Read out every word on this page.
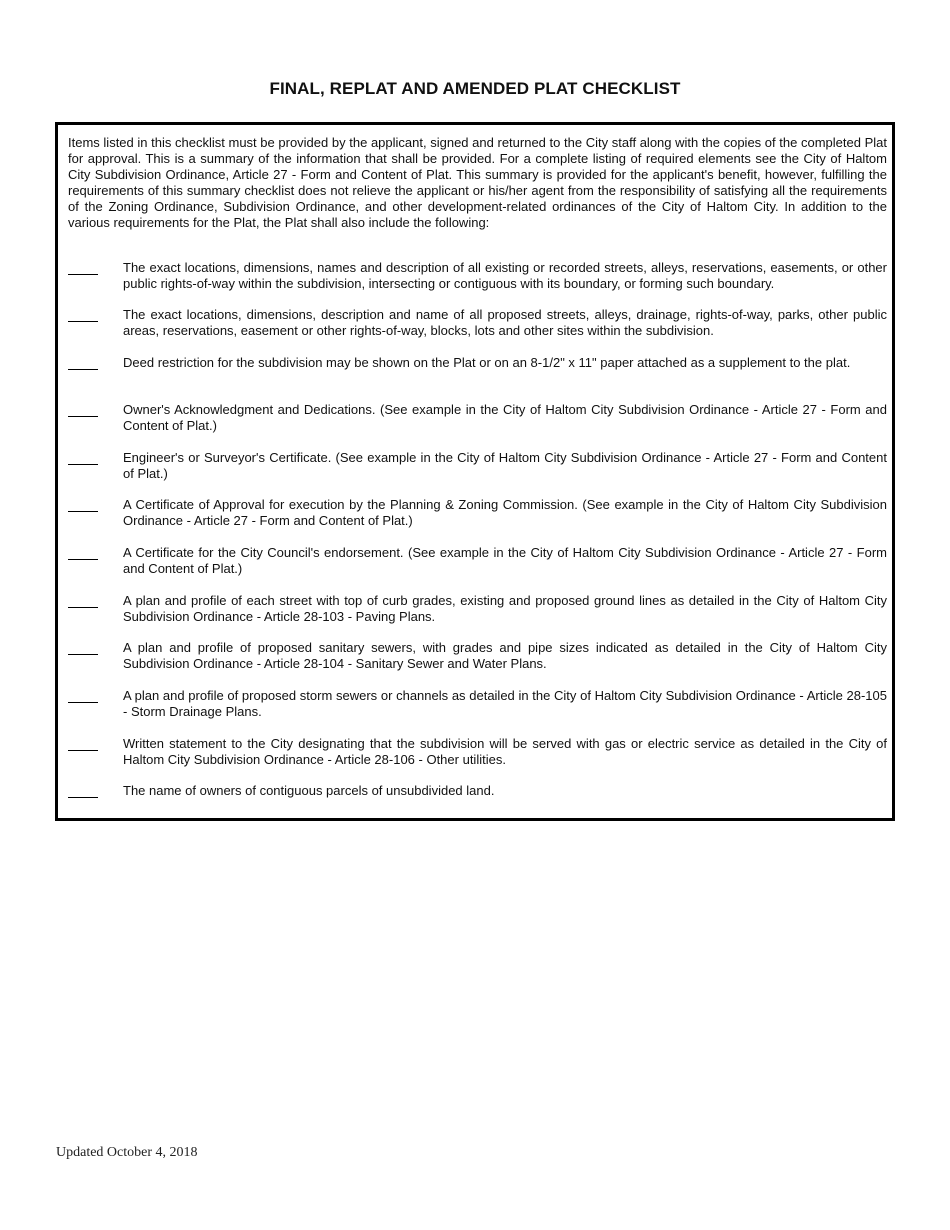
FINAL, REPLAT AND AMENDED PLAT CHECKLIST

Items listed in this checklist must be provided by the applicant, signed and returned to the City staff along with the copies of the completed Plat for approval. This is a summary of the information that shall be provided. For a complete listing of required elements see the City of Haltom City Subdivision Ordinance, Article 27 - Form and Content of Plat. This summary is provided for the applicant's benefit, however, fulfilling the requirements of this summary checklist does not relieve the applicant or his/her agent from the responsibility of satisfying all the requirements of the Zoning Ordinance, Subdivision Ordinance, and other development-related ordinances of the City of Haltom City. In addition to the various requirements for the Plat, the Plat shall also include the following:

The exact locations, dimensions, names and description of all existing or recorded streets, alleys, reservations, easements, or other public rights-of-way within the subdivision, intersecting or contiguous with its boundary, or forming such boundary.

The exact locations, dimensions, description and name of all proposed streets, alleys, drainage, rights-of-way, parks, other public areas, reservations, easement or other rights-of-way, blocks, lots and other sites within the subdivision.

Deed restriction for the subdivision may be shown on the Plat or on an 8-1/2" x 11" paper attached as a supplement to the plat.

Owner's Acknowledgment and Dedications. (See example in the City of Haltom City Subdivision Ordinance - Article 27 - Form and Content of Plat.)

Engineer's or Surveyor's Certificate. (See example in the City of Haltom City Subdivision Ordinance - Article 27 - Form and Content of Plat.)

A Certificate of Approval for execution by the Planning & Zoning Commission. (See example in the City of Haltom City Subdivision Ordinance - Article 27 - Form and Content of Plat.)

A Certificate for the City Council's endorsement. (See example in the City of Haltom City Subdivision Ordinance - Article 27 - Form and Content of Plat.)

A plan and profile of each street with top of curb grades, existing and proposed ground lines as detailed in the City of Haltom City Subdivision Ordinance - Article 28-103 - Paving Plans.

A plan and profile of proposed sanitary sewers, with grades and pipe sizes indicated as detailed in the City of Haltom City Subdivision Ordinance - Article 28-104 - Sanitary Sewer and Water Plans.

A plan and profile of proposed storm sewers or channels as detailed in the City of Haltom City Subdivision Ordinance - Article 28-105 - Storm Drainage Plans.

Written statement to the City designating that the subdivision will be served with gas or electric service as detailed in the City of Haltom City Subdivision Ordinance - Article 28-106 - Other utilities.

The name of owners of contiguous parcels of unsubdivided land.

Updated October 4, 2018
